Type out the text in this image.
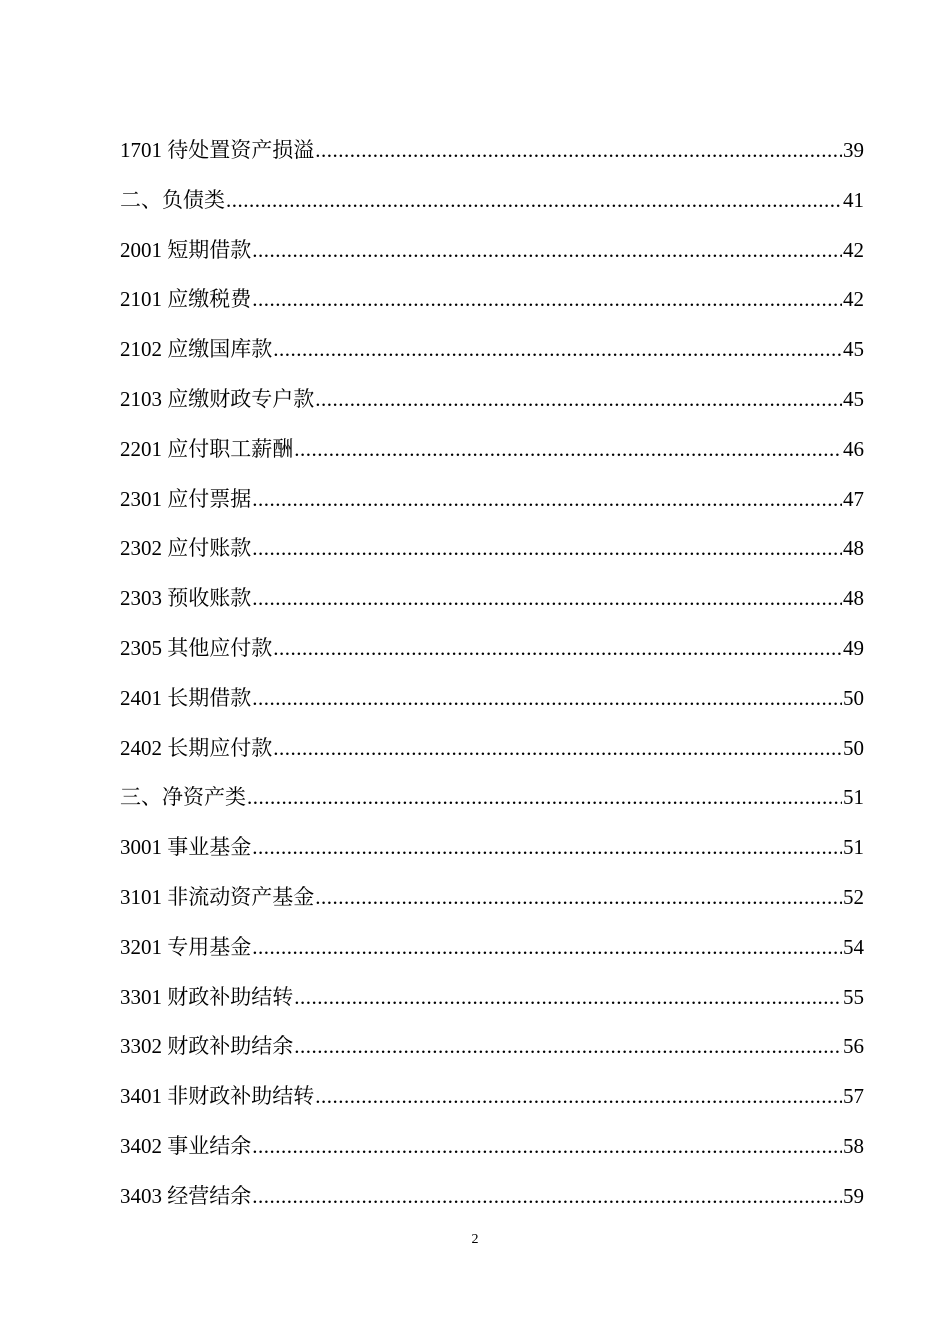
1701 待处置资产损溢 .....	39
二、负债类 .....	41
2001 短期借款 .....	42
2101 应缴税费 .....	42
2102 应缴国库款 .....	45
2103 应缴财政专户款 .....	45
2201 应付职工薪酬 .....	46
2301 应付票据 .....	47
2302 应付账款 .....	48
2303 预收账款 .....	48
2305 其他应付款 .....	49
2401 长期借款 .....	50
2402 长期应付款 .....	50
三、净资产类 .....	51
3001 事业基金 .....	51
3101 非流动资产基金 .....	52
3201 专用基金 .....	54
3301 财政补助结转 .....	55
3302 财政补助结余 .....	56
3401 非财政补助结转 .....	57
3402 事业结余 .....	58
3403 经营结余 .....	59
2
